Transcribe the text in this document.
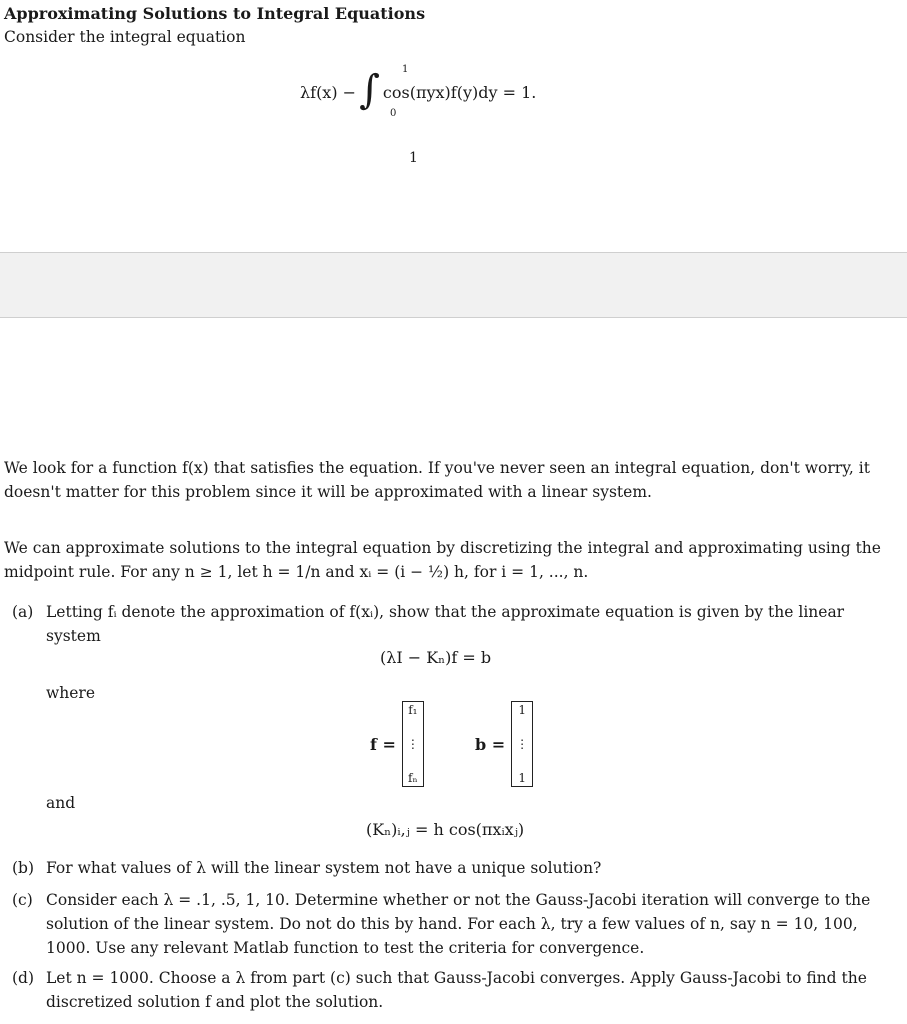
Approximating Solutions to Integral Equations
Consider the integral equation
λf(x) − ∫ cos(πyx)f(y)dy = 1.
1
0
1
We look for a function f(x) that satisfies the equation. If you've never seen an integral equation, don't worry, it doesn't matter for this problem since it will be approximated with a linear system.
We can approximate solutions to the integral equation by discretizing the integral and approximating using the midpoint rule. For any n ≥ 1, let h = 1/n and xᵢ = (i − ½) h, for i = 1, ..., n.
(a) Letting fᵢ denote the approximation of f(xᵢ), show that the approximate equation is given by the linear system
(λI − Kₙ)f = b
where
f =
f₁
⋮
fₙ
b =
1
⋮
1
and
(Kₙ)ᵢ,ⱼ = h cos(πxᵢxⱼ)
(b) For what values of λ will the linear system not have a unique solution?
(c) Consider each λ = .1, .5, 1, 10. Determine whether or not the Gauss-Jacobi iteration will converge to the solution of the linear system. Do not do this by hand. For each λ, try a few values of n, say n = 10, 100, 1000. Use any relevant Matlab function to test the criteria for convergence.
(d) Let n = 1000. Choose a λ from part (c) such that Gauss-Jacobi converges. Apply Gauss-Jacobi to find the discretized solution f and plot the solution.
